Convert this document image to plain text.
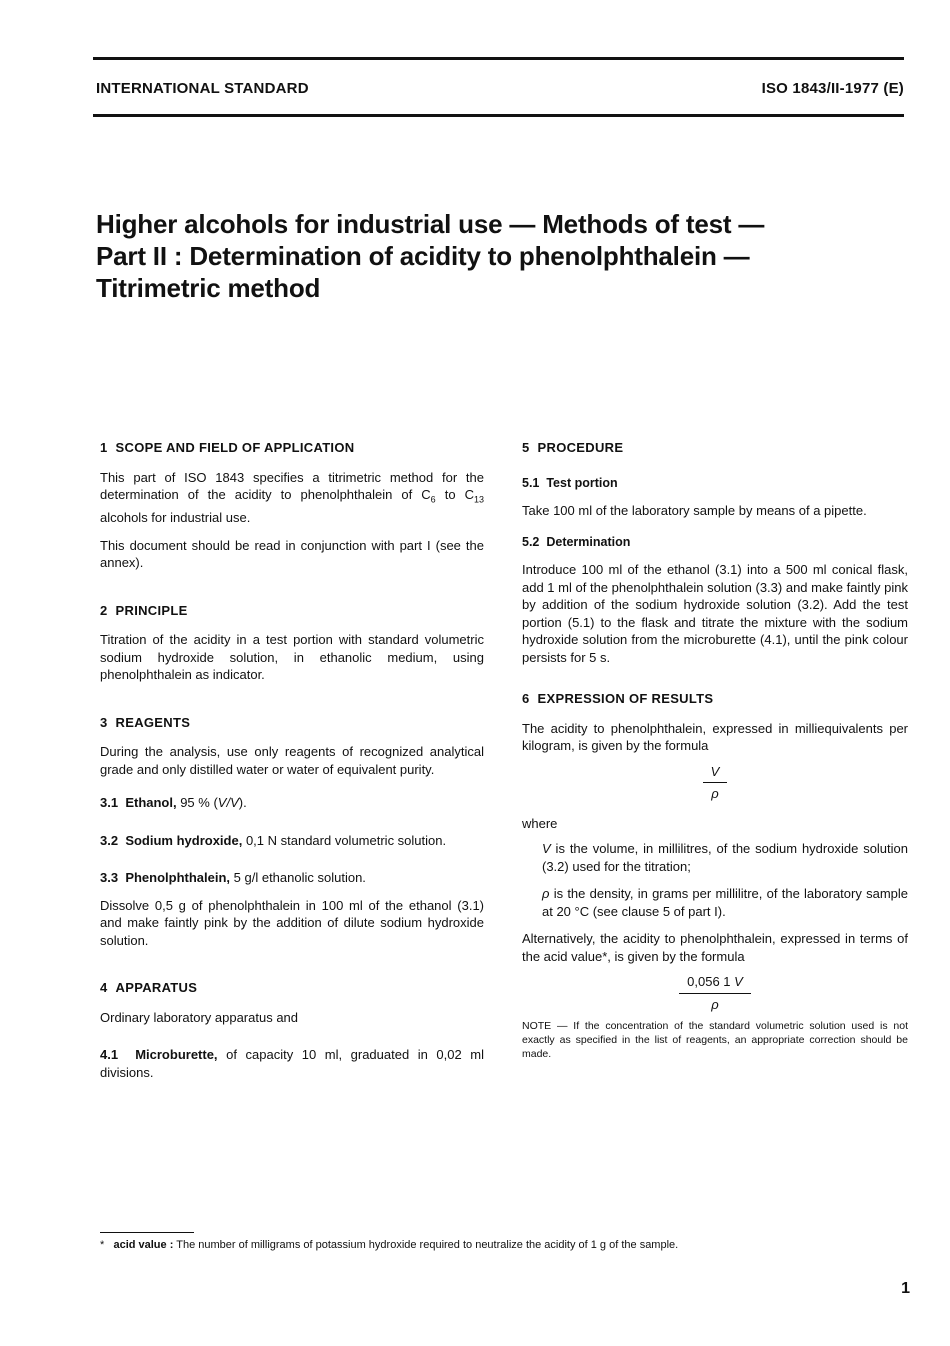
INTERNATIONAL STANDARD	ISO 1843/II-1977 (E)
Higher alcohols for industrial use — Methods of test —
Part II : Determination of acidity to phenolphthalein —
Titrimetric method
1 SCOPE AND FIELD OF APPLICATION
This part of ISO 1843 specifies a titrimetric method for the determination of the acidity to phenolphthalein of $C_6$ to $C_{13}$ alcohols for industrial use.
This document should be read in conjunction with part I (see the annex).
2 PRINCIPLE
Titration of the acidity in a test portion with standard volumetric sodium hydroxide solution, in ethanolic medium, using phenolphthalein as indicator.
3 REAGENTS
During the analysis, use only reagents of recognized analytical grade and only distilled water or water of equivalent purity.
3.1 Ethanol, 95 % (V/V).
3.2 Sodium hydroxide, 0,1 N standard volumetric solution.
3.3 Phenolphthalein, 5 g/l ethanolic solution.
Dissolve 0,5 g of phenolphthalein in 100 ml of the ethanol (3.1) and make faintly pink by the addition of dilute sodium hydroxide solution.
4 APPARATUS
Ordinary laboratory apparatus and
4.1 Microburette, of capacity 10 ml, graduated in 0,02 ml divisions.
5 PROCEDURE
5.1 Test portion
Take 100 ml of the laboratory sample by means of a pipette.
5.2 Determination
Introduce 100 ml of the ethanol (3.1) into a 500 ml conical flask, add 1 ml of the phenolphthalein solution (3.3) and make faintly pink by addition of the sodium hydroxide solution (3.2). Add the test portion (5.1) to the flask and titrate the mixture with the sodium hydroxide solution from the microburette (4.1), until the pink colour persists for 5 s.
6 EXPRESSION OF RESULTS
The acidity to phenolphthalein, expressed in milliequivalents per kilogram, is given by the formula
V
ρ
where
V is the volume, in millilitres, of the sodium hydroxide solution (3.2) used for the titration;
ρ is the density, in grams per millilitre, of the laboratory sample at 20 °C (see clause 5 of part I).
Alternatively, the acidity to phenolphthalein, expressed in terms of the acid value*, is given by the formula
0,056 1 V
ρ
NOTE — If the concentration of the standard volumetric solution used is not exactly as specified in the list of reagents, an appropriate correction should be made.
* acid value : The number of milligrams of potassium hydroxide required to neutralize the acidity of 1 g of the sample.
1
